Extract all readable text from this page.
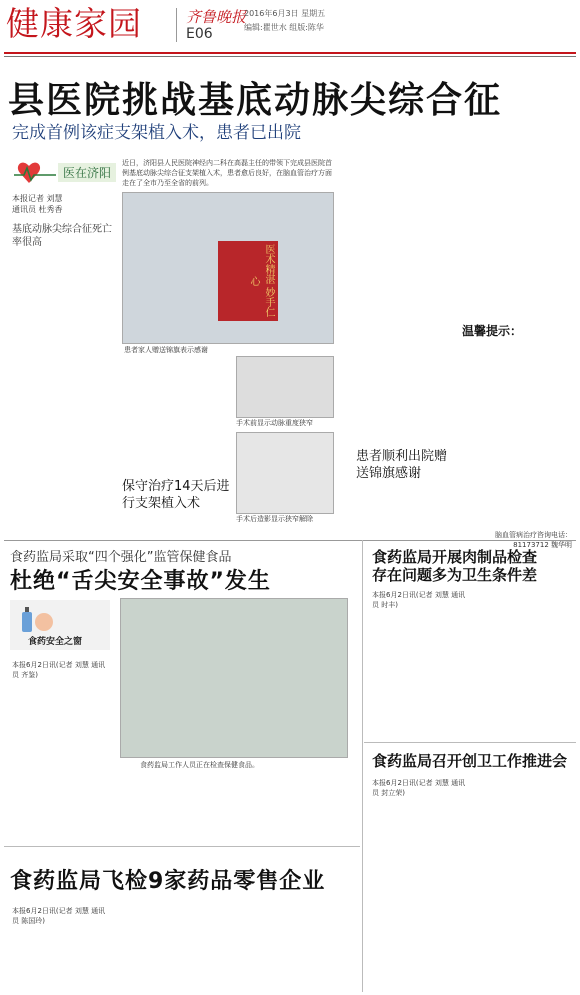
健康家园	齐鲁晚报
E06
2016年6月3日 星期五
编辑:瞿世水 组版:陈华
县医院挑战基底动脉尖综合征
完成首例该症支架植入术，患者已出院
医在济阳
本报记者 刘慧
通讯员 杜秀香
基底动脉尖综合征死亡率很高
近日，济阳县人民医院神经内二科在高磊主任的带领下完成县医院首例基底动脉尖综合征支架植入术，患者愈后良好，在脑血管治疗方面走在了全市乃至全省的前列。
医术精湛 妙手仁心
患者家人赠送锦旗表示感谢
手术前显示动脉重度狭窄
保守治疗14天后进行支架植入术
手术后造影显示狭窄解除
患者顺利出院赠送锦旗感谢
温馨提示：
脑血管病治疗咨询电话：81173712 魏华明
食药监局采取“四个强化”监管保健食品
杜绝“舌尖安全事故”发生
食药安全之窗
本报6月2日讯(记者 刘慧 通讯员 齐鉴)
食药监局工作人员正在检查保健食品。
食药监局开展肉制品检查
存在问题多为卫生条件差
本报6月2日讯(记者 刘慧 通讯员 时丰)
食药监局召开创卫工作推进会
本报6月2日讯(记者 刘慧 通讯员 封立荣)
食药监局飞检9家药品零售企业
本报6月2日讯(记者 刘慧 通讯员 陈国玲)
